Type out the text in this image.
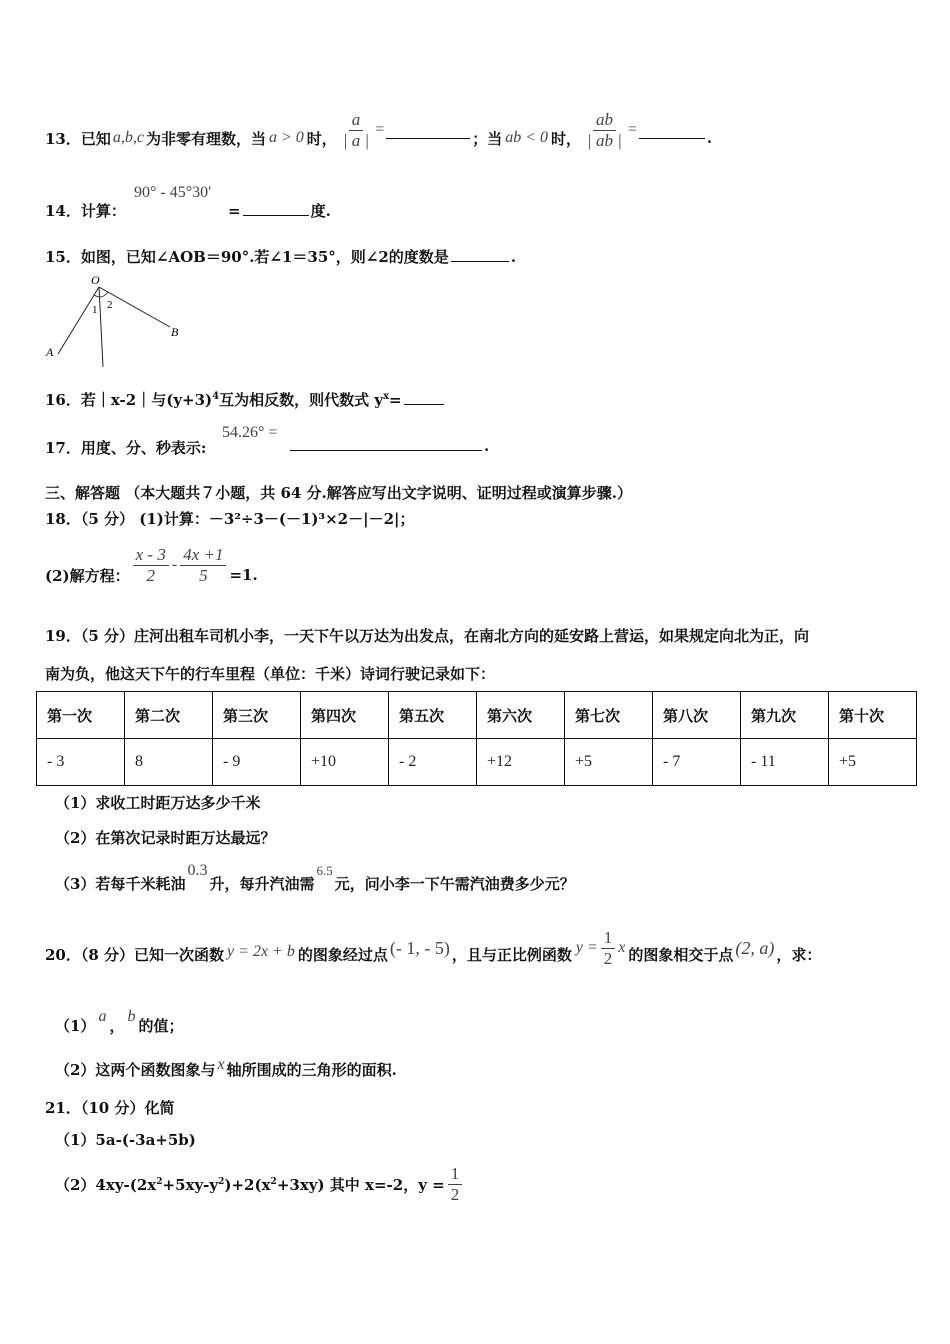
13．已知 a,b,c 为非零有理数，当 a > 0 时， $\frac{a}{| a |}$ =	；当 ab < 0 时， $\frac{ab}{| ab |}$ =	.
14．计算：
90° - 45°30′
=	度.
15．如图，已知∠AOB＝90°.若∠1＝35°，则∠2的度数是	.
O
A
B
1 2
16．若｜x-2｜与$(y+3)^4$互为相反数，则代数式 $y^x=$
17．用度、分、秒表示:
54.26° =
.
三、解答题 （本大题共７小题，共 64 分.解答应写出文字说明、证明过程或演算步骤.）
18．（5 分） (1)计算：－3²÷3－(－1)³×2－|－2|；
(2)解方程： $\frac{x - 3}{2} - \frac{4x +1}{5} =1$.
19．（5 分）庄河出租车司机小李，一天下午以万达为出发点，在南北方向的延安路上营运，如果规定向北为正，向
南为负，他这天下午的行车里程（单位：千米）诗词行驶记录如下：
第一次	第二次	第三次	第四次	第五次	第六次	第七次	第八次	第九次	第十次
- 3	8	- 9	+10	- 2	+12	+5	- 7	- 11	+5
（1）求收工时距万达多少千米
（2）在第次记录时距万达最远？
（3）若每千米耗油0.3升，每升汽油需6.5元，问小李一下午需汽油费多少元？
20．（8 分）已知一次函数 y = 2x + b 的图象经过点 (- 1, - 5) ，且与正比例函数 $y = \frac{1}{2}$ x 的图象相交于点 (2, a) ，求：
（1）a，b的值；
（2）这两个函数图象与 x 轴所围成的三角形的面积.
21．（10 分）化简
（1）5a-(-3a+5b)
$(2)4xy-(2x^2+5xy-y^2)+2(x^2+3xy)$ 其中 x=-2，$y = \frac{1}{2}$
